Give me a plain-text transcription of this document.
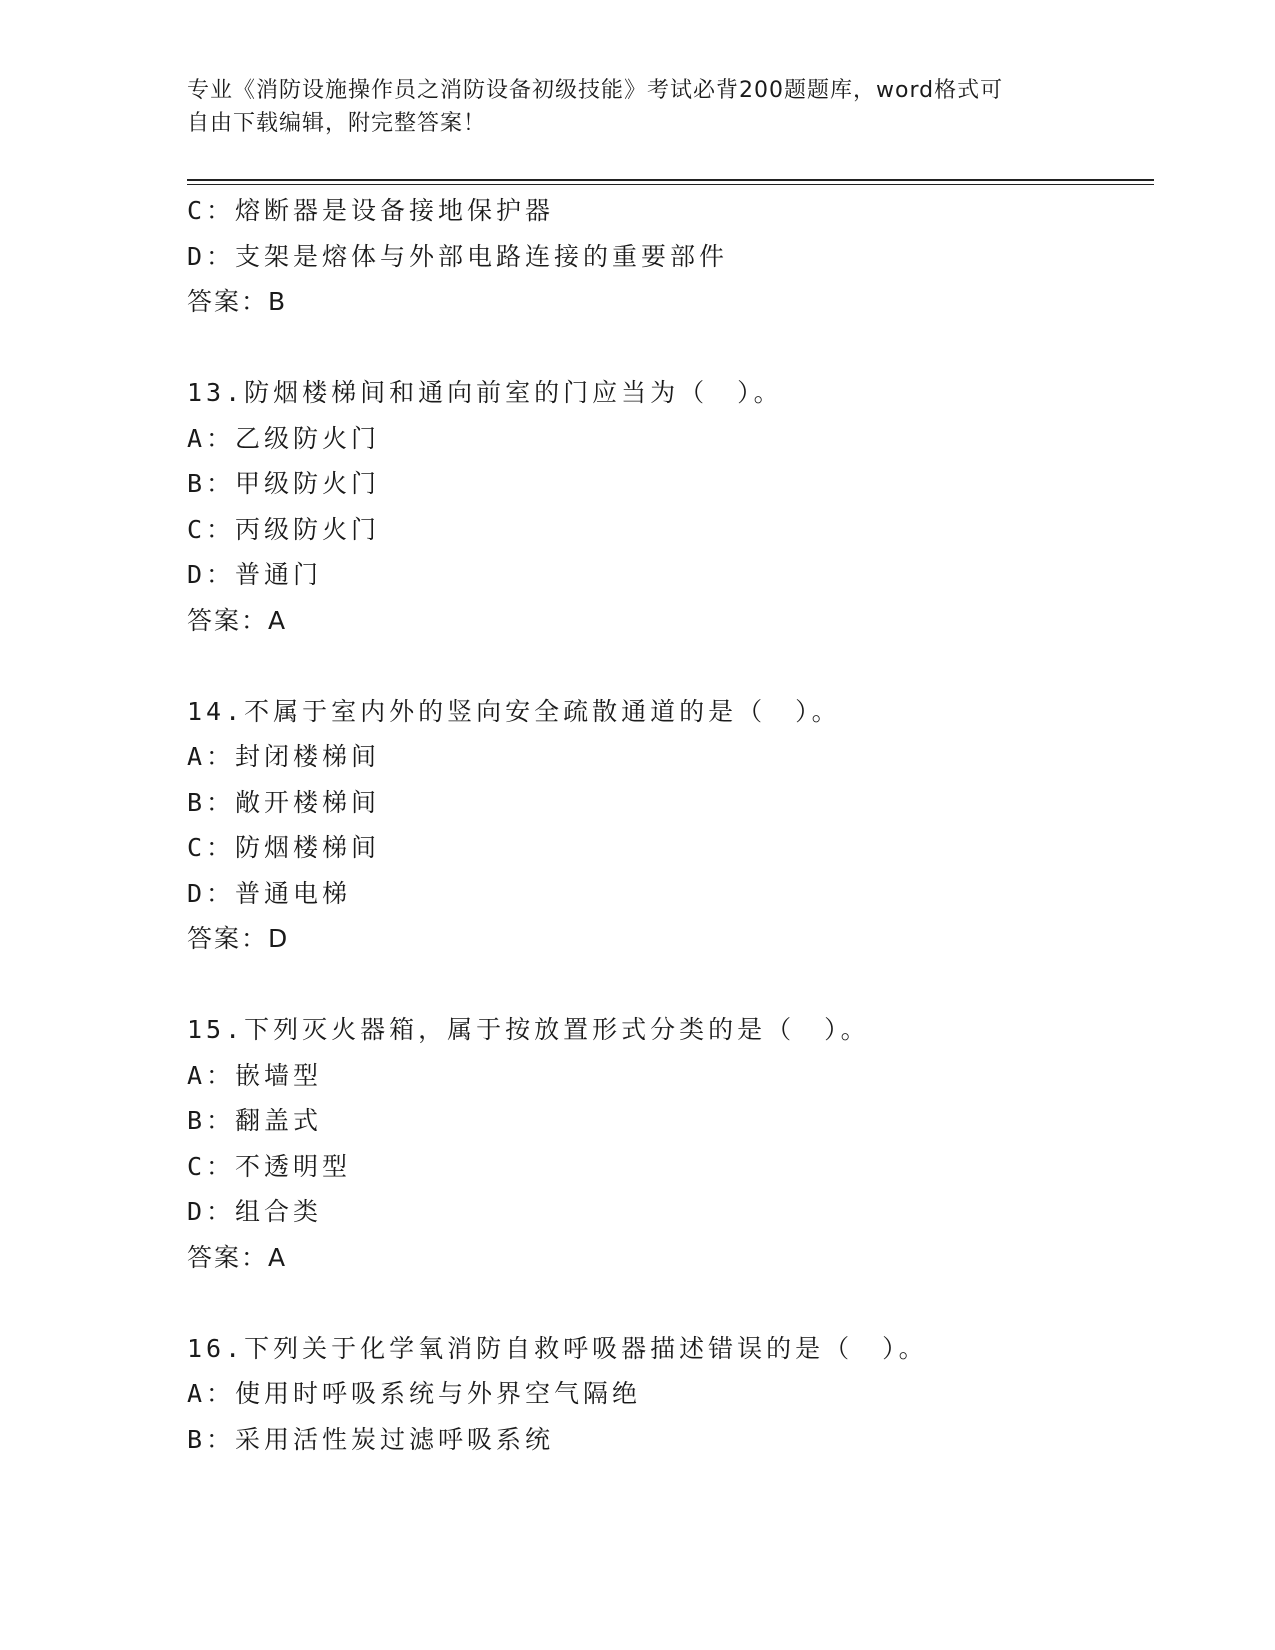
专业《消防设施操作员之消防设备初级技能》考试必背200题题库，word格式可
自由下载编辑，附完整答案！
C：熔断器是设备接地保护器
D：支架是熔体与外部电路连接的重要部件
答案：B
13.防烟楼梯间和通向前室的门应当为（　）。
A：乙级防火门
B：甲级防火门
C：丙级防火门
D：普通门
答案：A
14.不属于室内外的竖向安全疏散通道的是（　）。
A：封闭楼梯间
B：敞开楼梯间
C：防烟楼梯间
D：普通电梯
答案：D
15.下列灭火器箱，属于按放置形式分类的是（　）。
A：嵌墙型
B：翻盖式
C：不透明型
D：组合类
答案：A
16.下列关于化学氧消防自救呼吸器描述错误的是（　）。
A：使用时呼吸系统与外界空气隔绝
B：采用活性炭过滤呼吸系统
